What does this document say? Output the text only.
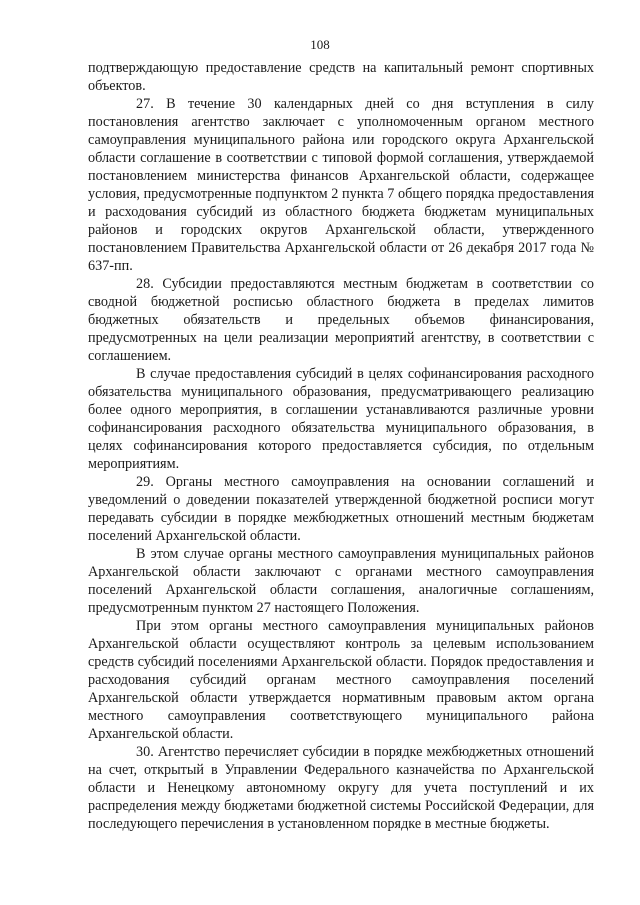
108

подтверждающую предоставление средств на капитальный ремонт спортивных объектов.

27. В течение 30 календарных дней со дня вступления в силу постановления агентство заключает с уполномоченным органом местного самоуправления муниципального района или городского округа Архангельской области соглашение в соответствии с типовой формой соглашения, утверждаемой постановлением министерства финансов Архангельской области, содержащее условия, предусмотренные подпунктом 2 пункта 7 общего порядка предоставления и расходования субсидий из областного бюджета бюджетам муниципальных районов и городских округов Архангельской области, утвержденного постановлением Правительства Архангельской области от 26 декабря 2017 года № 637-пп.

28. Субсидии предоставляются местным бюджетам в соответствии со сводной бюджетной росписью областного бюджета в пределах лимитов бюджетных обязательств и предельных объемов финансирования, предусмотренных на цели реализации мероприятий агентству, в соответствии с соглашением.

В случае предоставления субсидий в целях софинансирования расходного обязательства муниципального образования, предусматривающего реализацию более одного мероприятия, в соглашении устанавливаются различные уровни софинансирования расходного обязательства муниципального образования, в целях софинансирования которого предоставляется субсидия, по отдельным мероприятиям.

29. Органы местного самоуправления на основании соглашений и уведомлений о доведении показателей утвержденной бюджетной росписи могут передавать субсидии в порядке межбюджетных отношений местным бюджетам поселений Архангельской области.

В этом случае органы местного самоуправления муниципальных районов Архангельской области заключают с органами местного самоуправления поселений Архангельской области соглашения, аналогичные соглашениям, предусмотренным пунктом 27 настоящего Положения.

При этом органы местного самоуправления муниципальных районов Архангельской области осуществляют контроль за целевым использованием средств субсидий поселениями Архангельской области. Порядок предоставления и расходования субсидий органам местного самоуправления поселений Архангельской области утверждается нормативным правовым актом органа местного самоуправления соответствующего муниципального района Архангельской области.

30. Агентство перечисляет субсидии в порядке межбюджетных отношений на счет, открытый в Управлении Федерального казначейства по Архангельской области и Ненецкому автономному округу для учета поступлений и их распределения между бюджетами бюджетной системы Российской Федерации, для последующего перечисления в установленном порядке в местные бюджеты.
